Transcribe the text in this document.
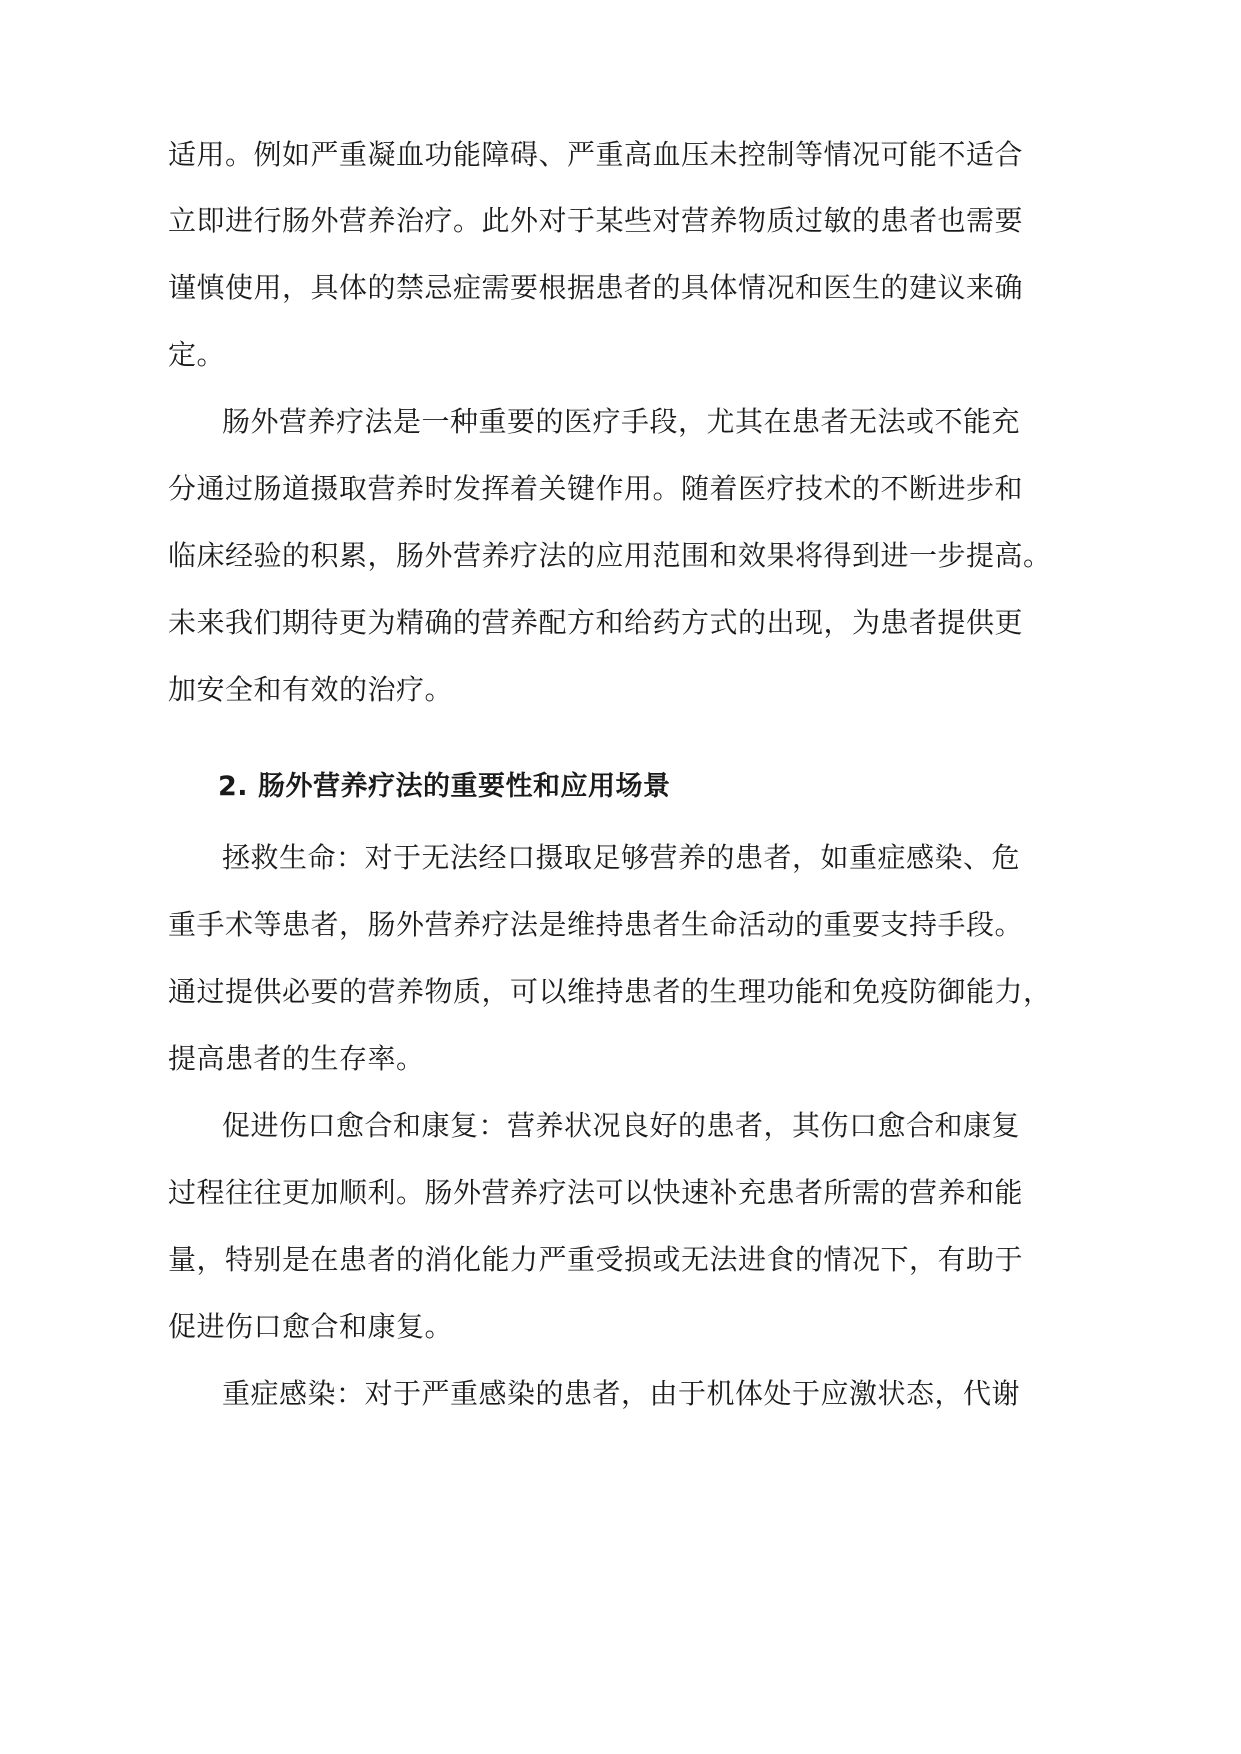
适用。例如严重凝血功能障碍、严重高血压未控制等情况可能不适合
立即进行肠外营养治疗。此外对于某些对营养物质过敏的患者也需要
谨慎使用，具体的禁忌症需要根据患者的具体情况和医生的建议来确
定。
肠外营养疗法是一种重要的医疗手段，尤其在患者无法或不能充
分通过肠道摄取营养时发挥着关键作用。随着医疗技术的不断进步和
临床经验的积累，肠外营养疗法的应用范围和效果将得到进一步提高。
未来我们期待更为精确的营养配方和给药方式的出现，为患者提供更
加安全和有效的治疗。
2. 肠外营养疗法的重要性和应用场景
拯救生命：对于无法经口摄取足够营养的患者，如重症感染、危
重手术等患者，肠外营养疗法是维持患者生命活动的重要支持手段。
通过提供必要的营养物质，可以维持患者的生理功能和免疫防御能力，
提高患者的生存率。
促进伤口愈合和康复：营养状况良好的患者，其伤口愈合和康复
过程往往更加顺利。肠外营养疗法可以快速补充患者所需的营养和能
量，特别是在患者的消化能力严重受损或无法进食的情况下，有助于
促进伤口愈合和康复。
重症感染：对于严重感染的患者，由于机体处于应激状态，代谢
